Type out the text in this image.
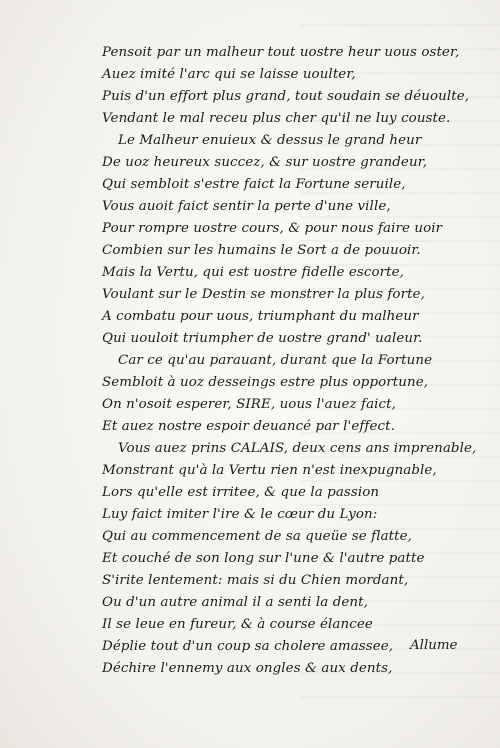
Pensoit par un malheur tout uostre heur uous oster,
Auez imité l'arc qui se laisse uoulter,
Puis d'un effort plus grand, tout soudain se déuoulte,
Vendant le mal receu plus cher qu'il ne luy couste.
Le Malheur enuieux & dessus le grand heur
De uoz heureux succez, & sur uostre grandeur,
Qui sembloit s'estre faict la Fortune seruile,
Vous auoit faict sentir la perte d'une ville,
Pour rompre uostre cours, & pour nous faire uoir
Combien sur les humains le Sort a de pouuoir.
Mais la Vertu, qui est uostre fidelle escorte,
Voulant sur le Destin se monstrer la plus forte,
A combatu pour uous, triumphant du malheur
Qui uouloit triumpher de uostre grand' ualeur.
Car ce qu'au parauant, durant que la Fortune
Sembloit à uoz desseings estre plus opportune,
On n'osoit esperer, SIRE, uous l'auez faict,
Et auez nostre espoir deuancé par l'effect.
Vous auez prins CALAIS, deux cens ans imprenable,
Monstrant qu'à la Vertu rien n'est inexpugnable,
Lors qu'elle est irritee, & que la passion
Luy faict imiter l'ire & le cœur du Lyon:
Qui au commencement de sa queüe se flatte,
Et couché de son long sur l'une & l'autre patte
S'irite lentement: mais si du Chien mordant,
Ou d'un autre animal il a senti la dent,
Il se leue en fureur, & à course élancee
Déplie tout d'un coup sa cholere amassee,
Déchire l'ennemy aux ongles & aux dents,
Allume
